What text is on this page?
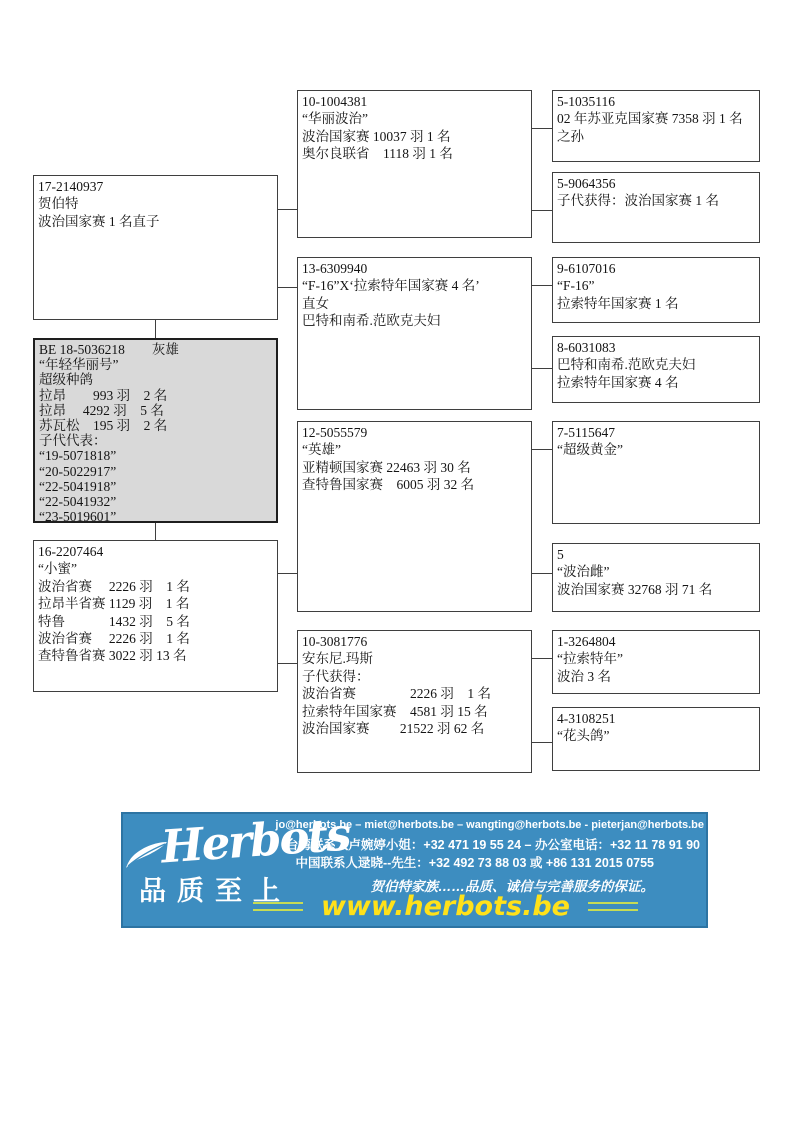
17-2140937
贺伯特
波治国家赛 1 名直子
BE 18-5036218　　灰雄
“年轻华丽号”
超级种鸽
拉昂　　993 羽　2 名
拉昂　 4292 羽　5 名
苏瓦松　195 羽　2 名
子代代表：
“19-5071818”
“20-5022917”
“22-5041918”
“22-5041932”
“23-5019601”
16-2207464
“小蜜”
波治省赛　 2226 羽　1 名
拉昂半省赛 1129 羽　1 名
特鲁　　　 1432 羽　5 名
波治省赛　 2226 羽　1 名
查特鲁省赛 3022 羽 13 名
10-1004381
“华丽波治”
波治国家赛 10037 羽 1 名
奥尔良联省　1118 羽 1 名
13-6309940
“F-16”X‘拉索特年国家赛 4 名’
直女
巴特和南希.范欧克夫妇
12-5055579
“英雄”
亚精顿国家赛 22463 羽 30 名
查特鲁国家赛　6005 羽 32 名
10-3081776
安东尼.玛斯
子代获得：
波治省赛　　　　2226 羽　1 名
拉索特年国家赛　4581 羽 15 名
波治国家赛　　 21522 羽 62 名
5-1035116
02 年苏亚克国家赛 7358 羽 1 名
之孙
5-9064356
子代获得：波治国家赛 1 名
9-6107016
“F-16”
拉索特年国家赛 1 名
8-6031083
巴特和南希.范欧克夫妇
拉索特年国家赛 4 名
7-5115647
“超级黄金”
5
“波治雌”
波治国家赛 32768 羽 71 名
1-3264804
“拉索特年”
波治 3 名
4-3108251
“花头鸽”
Herbots
品质至上
jo@herbots.be – miet@herbots.be – wangting@herbots.be - pieterjan@herbots.be
台湾联系人卢婉婷小姐：+32 471 19 55 24 – 办公室电话：+32 11 78 91 90
中国联系人逯晓--先生：+32 492 73 88 03 或 +86 131 2015 0755
贺伯特家族……品质、诚信与完善服务的保证。
www.herbots.be
